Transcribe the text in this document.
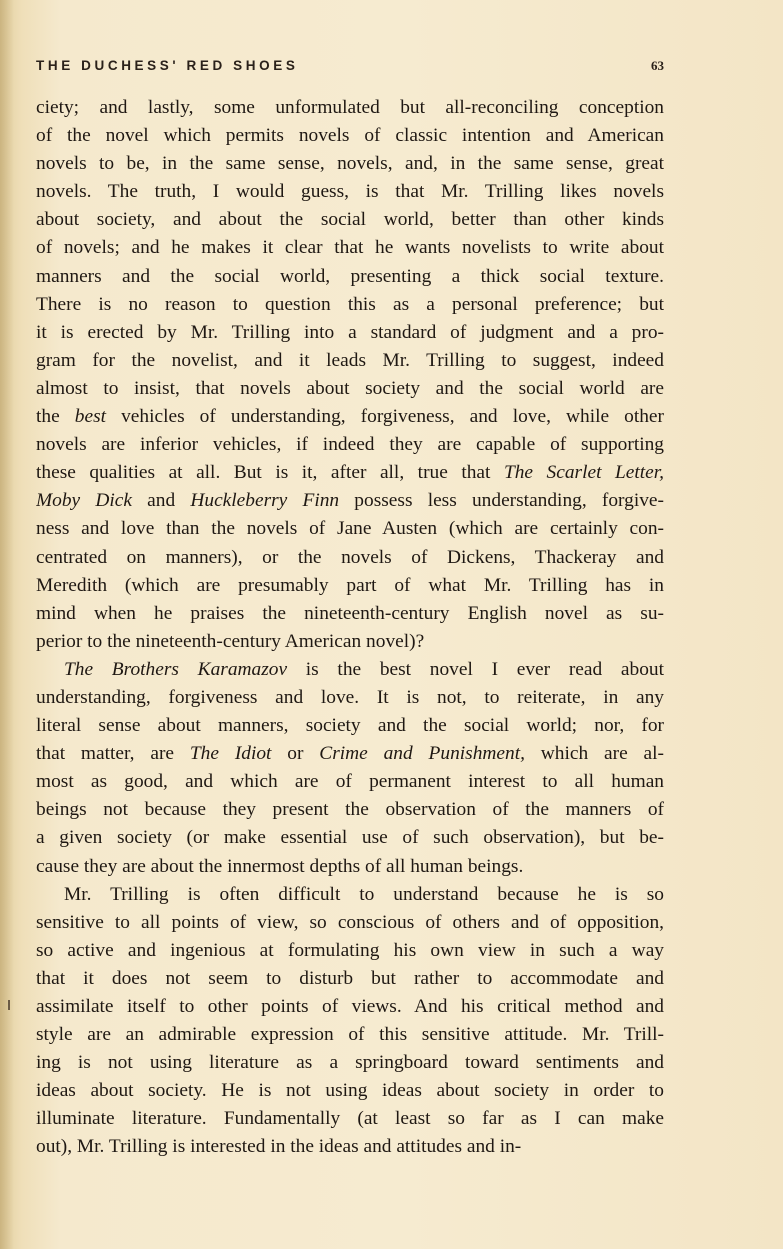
THE DUCHESS' RED SHOES	63
ciety; and lastly, some unformulated but all-reconciling conception
of the novel which permits novels of classic intention and American
novels to be, in the same sense, novels, and, in the same sense, great
novels. The truth, I would guess, is that Mr. Trilling likes novels
about society, and about the social world, better than other kinds
of novels; and he makes it clear that he wants novelists to write about
manners and the social world, presenting a thick social texture.
There is no reason to question this as a personal preference; but
it is erected by Mr. Trilling into a standard of judgment and a pro-
gram for the novelist, and it leads Mr. Trilling to suggest, indeed
almost to insist, that novels about society and the social world are
the best vehicles of understanding, forgiveness, and love, while other
novels are inferior vehicles, if indeed they are capable of supporting
these qualities at all. But is it, after all, true that The Scarlet Letter,
Moby Dick and Huckleberry Finn possess less understanding, forgive-
ness and love than the novels of Jane Austen (which are certainly con-
centrated on manners), or the novels of Dickens, Thackeray and
Meredith (which are presumably part of what Mr. Trilling has in
mind when he praises the nineteenth-century English novel as su-
perior to the nineteenth-century American novel)?
The Brothers Karamazov is the best novel I ever read about
understanding, forgiveness and love. It is not, to reiterate, in any
literal sense about manners, society and the social world; nor, for
that matter, are The Idiot or Crime and Punishment, which are al-
most as good, and which are of permanent interest to all human
beings not because they present the observation of the manners of
a given society (or make essential use of such observation), but be-
cause they are about the innermost depths of all human beings.
Mr. Trilling is often difficult to understand because he is so
sensitive to all points of view, so conscious of others and of opposition,
so active and ingenious at formulating his own view in such a way
that it does not seem to disturb but rather to accommodate and
assimilate itself to other points of views. And his critical method and
style are an admirable expression of this sensitive attitude. Mr. Trill-
ing is not using literature as a springboard toward sentiments and
ideas about society. He is not using ideas about society in order to
illuminate literature. Fundamentally (at least so far as I can make
out), Mr. Trilling is interested in the ideas and attitudes and in-
